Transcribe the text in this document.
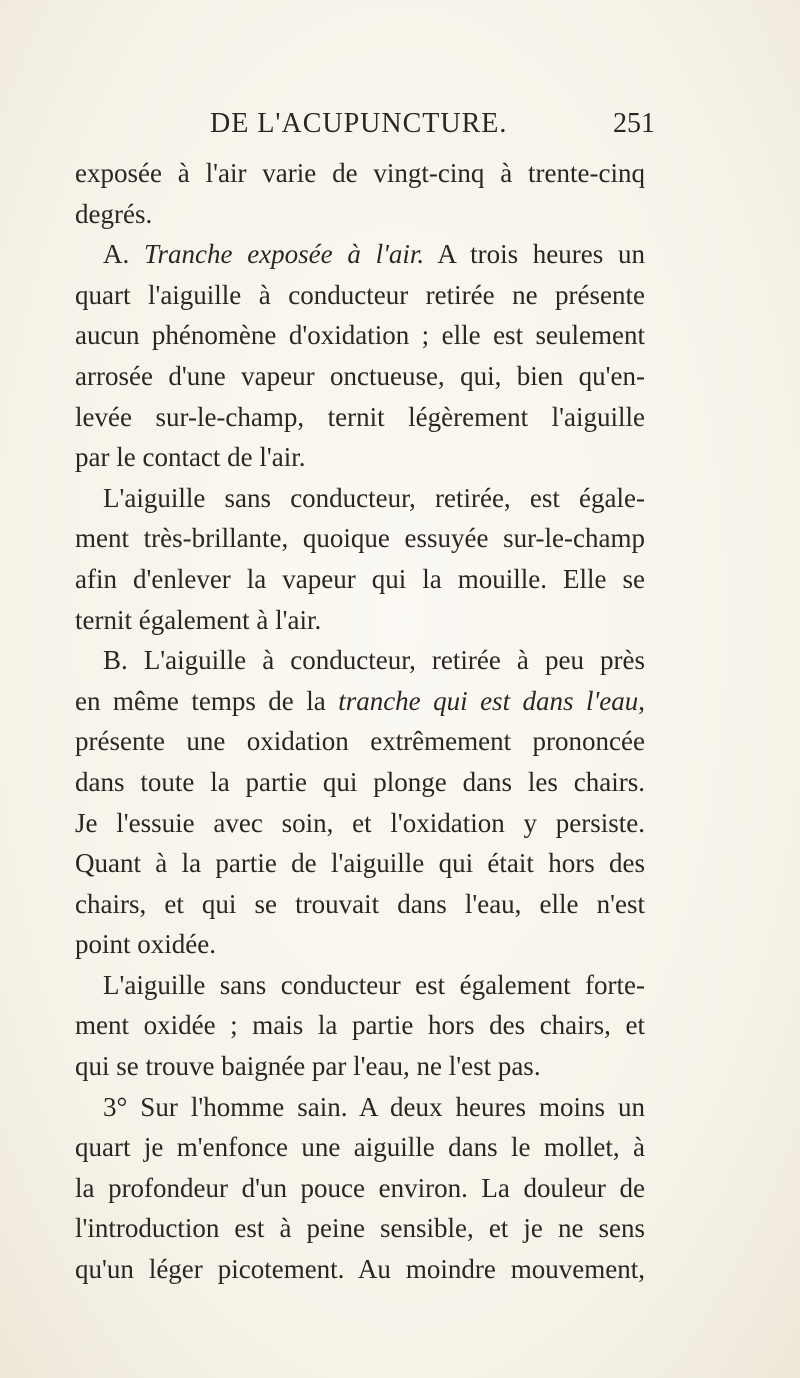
DE L'ACUPUNCTURE.	251
exposée à l'air varie de vingt-cinq à trente-cinq
degrés.
A. Tranche exposée à l'air. A trois heures un
quart l'aiguille à conducteur retirée ne présente
aucun phénomène d'oxidation ; elle est seulement
arrosée d'une vapeur onctueuse, qui, bien qu'en-
levée sur-le-champ, ternit légèrement l'aiguille
par le contact de l'air.
L'aiguille sans conducteur, retirée, est égale-
ment très-brillante, quoique essuyée sur-le-champ
afin d'enlever la vapeur qui la mouille. Elle se
ternit également à l'air.
B. L'aiguille à conducteur, retirée à peu près
en même temps de la tranche qui est dans l'eau,
présente une oxidation extrêmement prononcée
dans toute la partie qui plonge dans les chairs.
Je l'essuie avec soin, et l'oxidation y persiste.
Quant à la partie de l'aiguille qui était hors des
chairs, et qui se trouvait dans l'eau, elle n'est
point oxidée.
L'aiguille sans conducteur est également forte-
ment oxidée ; mais la partie hors des chairs, et
qui se trouve baignée par l'eau, ne l'est pas.
3° Sur l'homme sain. A deux heures moins un
quart je m'enfonce une aiguille dans le mollet, à
la profondeur d'un pouce environ. La douleur de
l'introduction est à peine sensible, et je ne sens
qu'un léger picotement. Au moindre mouvement,
